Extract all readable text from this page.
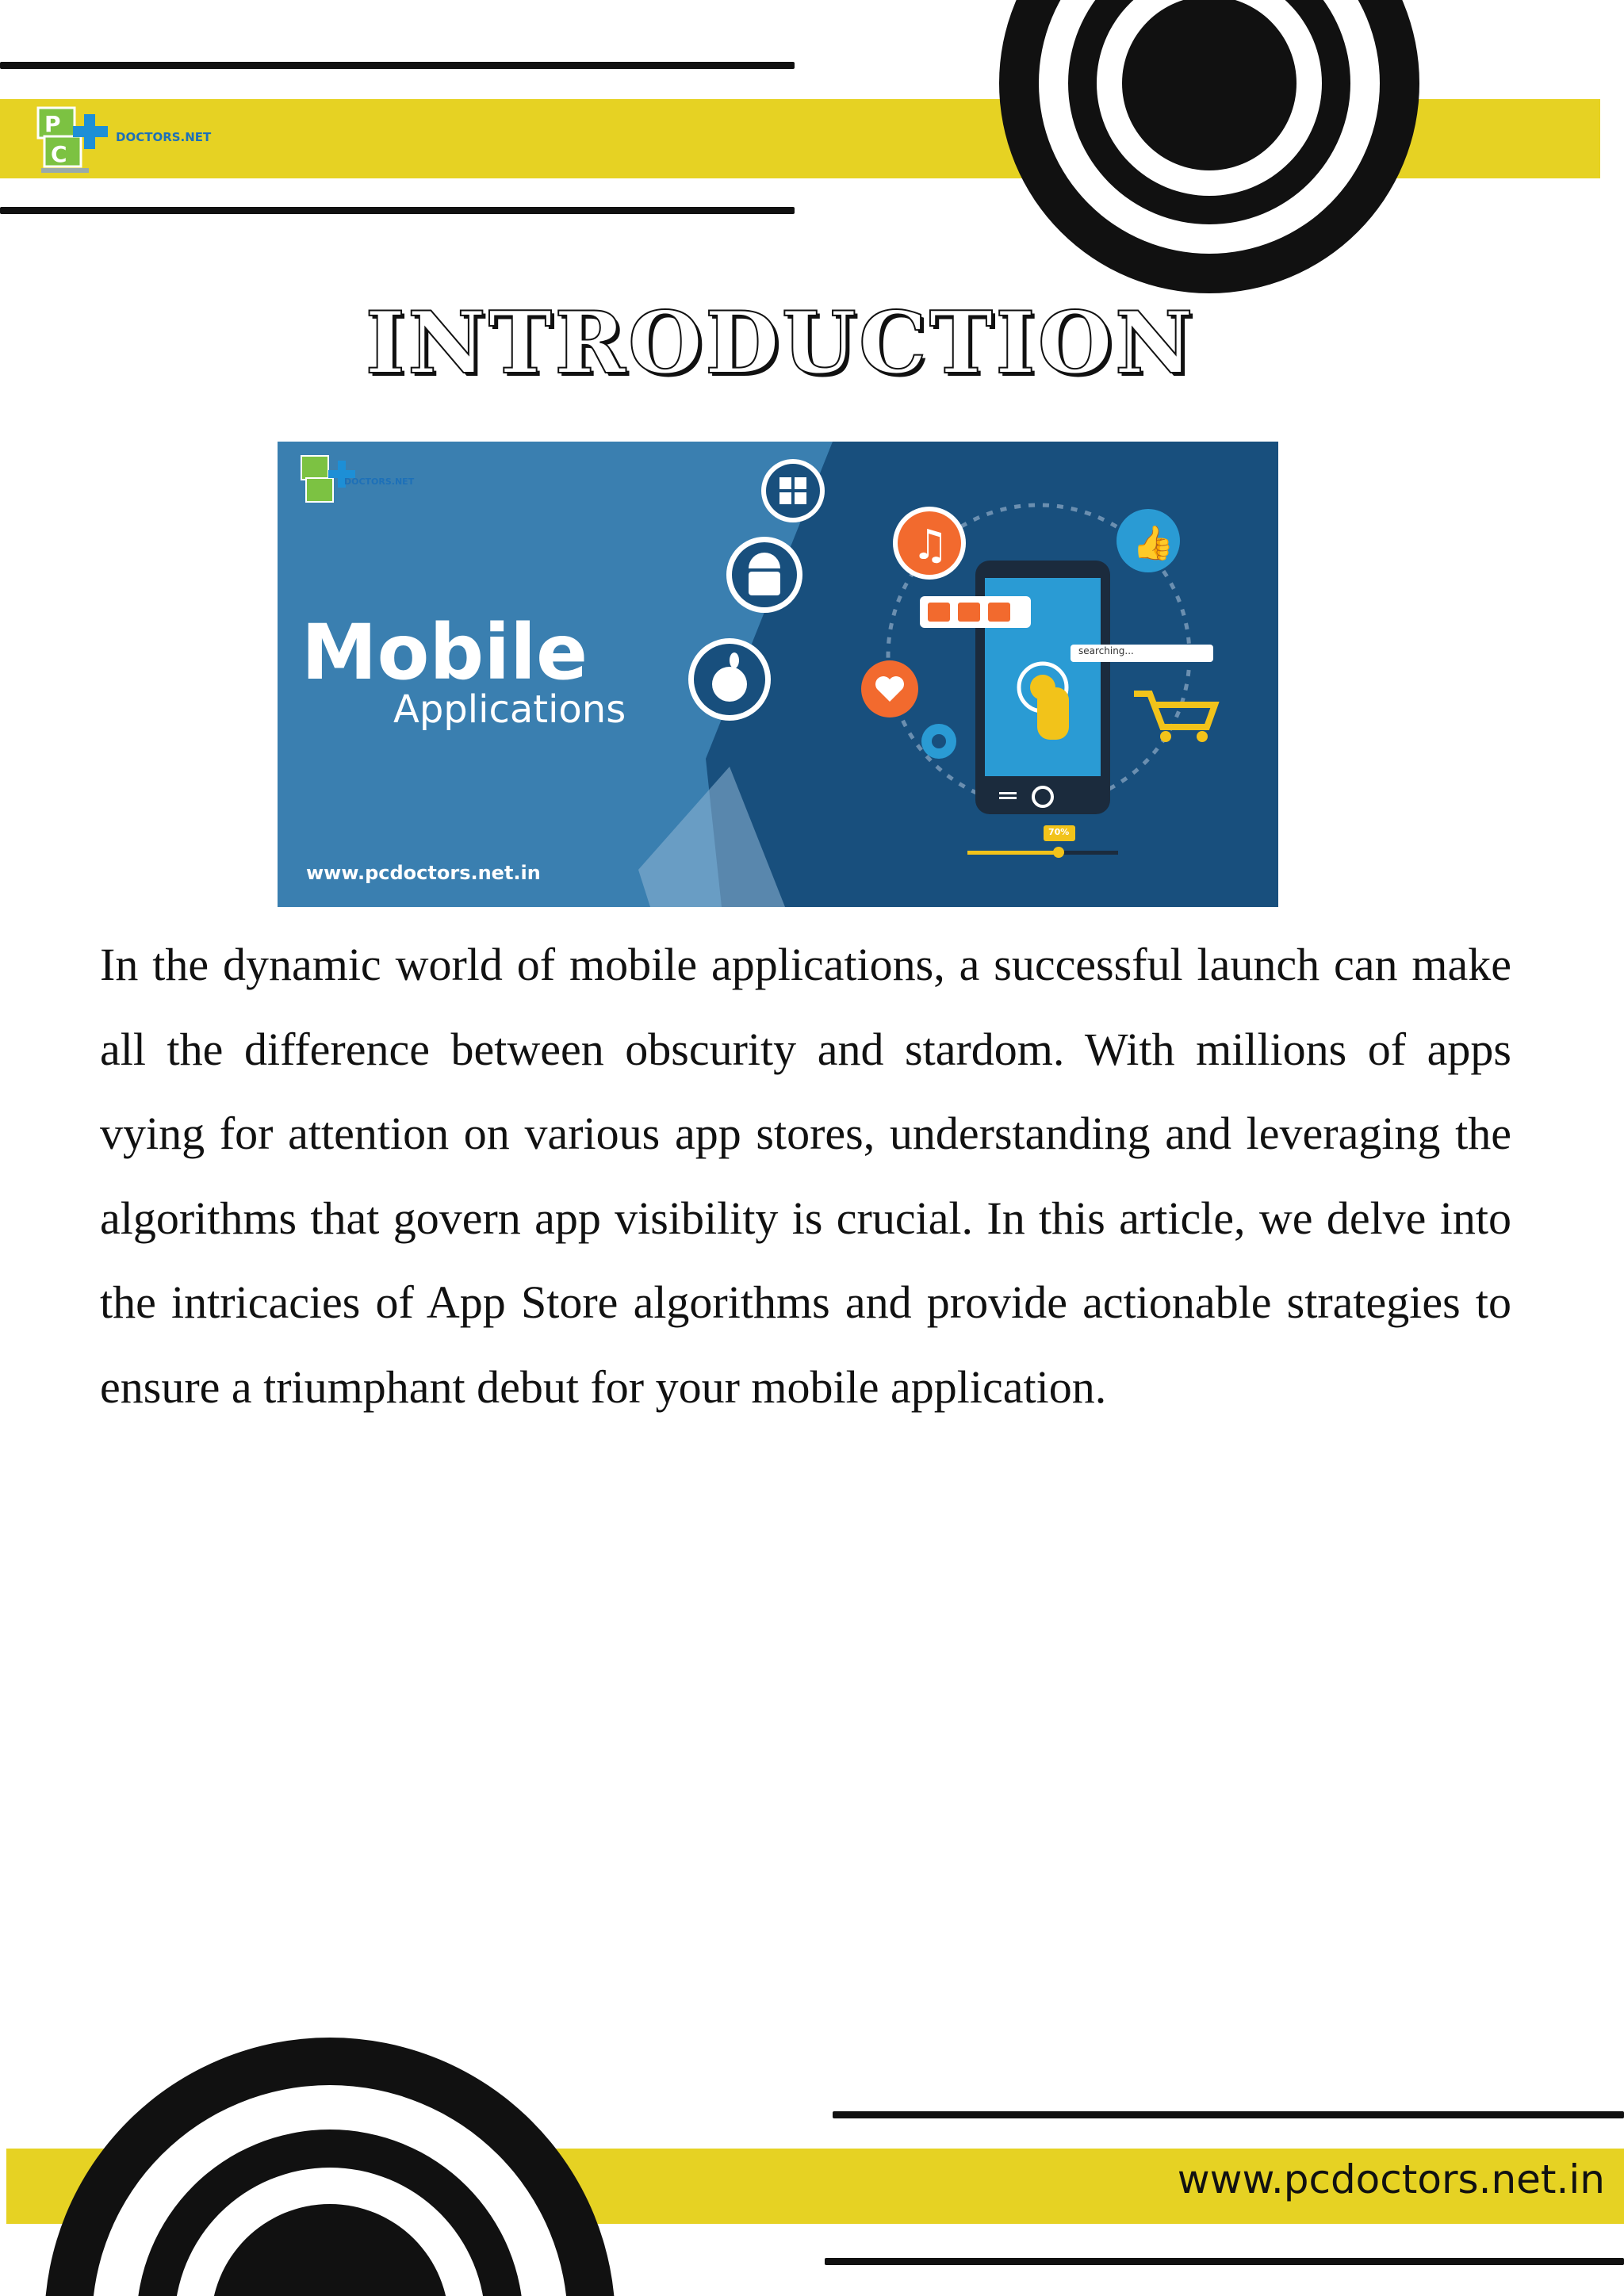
P
C
DOCTORS.NET
INTRODUCTION
♫	👍
DOCTORS.NET
Mobile
Applications
www.pcdoctors.net.in
searching...
70%
In the dynamic world of mobile applications, a successful launch can make all the difference between obscurity and stardom. With millions of apps vying for attention on various app stores, understanding and leveraging the algorithms that govern app visibility is crucial. In this article, we delve into the intricacies of App Store algorithms and provide actionable strategies to ensure a triumphant debut for your mobile application.
www.pcdoctors.net.in
